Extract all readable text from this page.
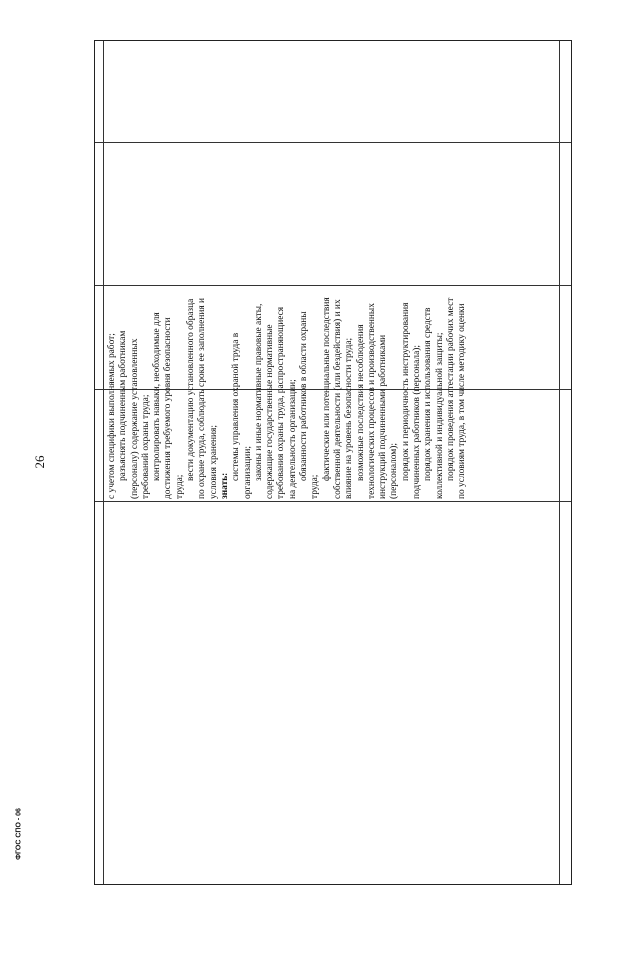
26
ФГОС СПО - 06
с учетом специфики выполняемых работ; разъяснять подчиненным работникам (персоналу) содержание установленных требований охраны труда; контролировать навыки, необходимые для достижения требуемого уровня безопасности труда;
вести документацию установленного образца по охране труда, соблюдать сроки ее заполнения и условия хранения; знать:
системы управления охраной труда в организации; законы и иные нормативные правовые акты, содержащие государственные нормативные требования охраны труда, распространяющиеся на деятельность организации; обязанности работников в области охраны
труда;
фактические или потенциальные последствия собственной деятельности (или бездействия) и их влияние на уровень безопасности труда; возможные последствия несоблюдения технологических процессов и производственных инструкций подчиненными работниками (персоналом); порядок и периодичность инструктирования подчиненных работников (персонала); порядок хранения и использования средств коллективной и индивидуальной защиты; порядок проведения аттестации рабочих мест по условиям труда, в том числе методику оценки
